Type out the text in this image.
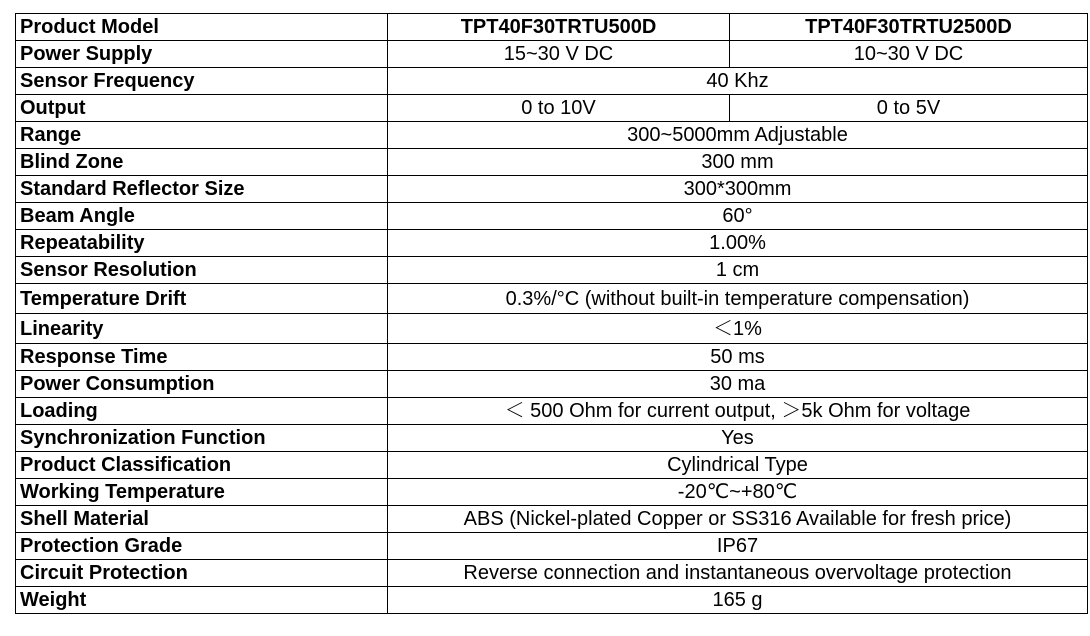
Product Model	TPT40F30TRTU500D	TPT40F30TRTU2500D
Power Supply	15~30 V DC	10~30 V DC
Sensor Frequency	40 Khz	
Output	0 to 10V	0 to 5V
Range	300~5000mm Adjustable	
Blind Zone	300 mm	
Standard Reflector Size	300*300mm	
Beam Angle	60°	
Repeatability	1.00%	
Sensor Resolution	1 cm	
Temperature Drift	0.3%/°C (without built-in temperature compensation)	
Linearity	＜1%	
Response Time	50 ms	
Power Consumption	30 ma	
Loading	＜ 500 Ohm for current output, ＞5k Ohm for voltage	
Synchronization Function	Yes	
Product Classification	Cylindrical Type	
Working Temperature	-20℃~+80℃	
Shell Material	ABS (Nickel-plated Copper or SS316 Available for fresh price)	
Protection Grade	IP67	
Circuit Protection	Reverse connection and instantaneous overvoltage protection	
Weight	165 g	
